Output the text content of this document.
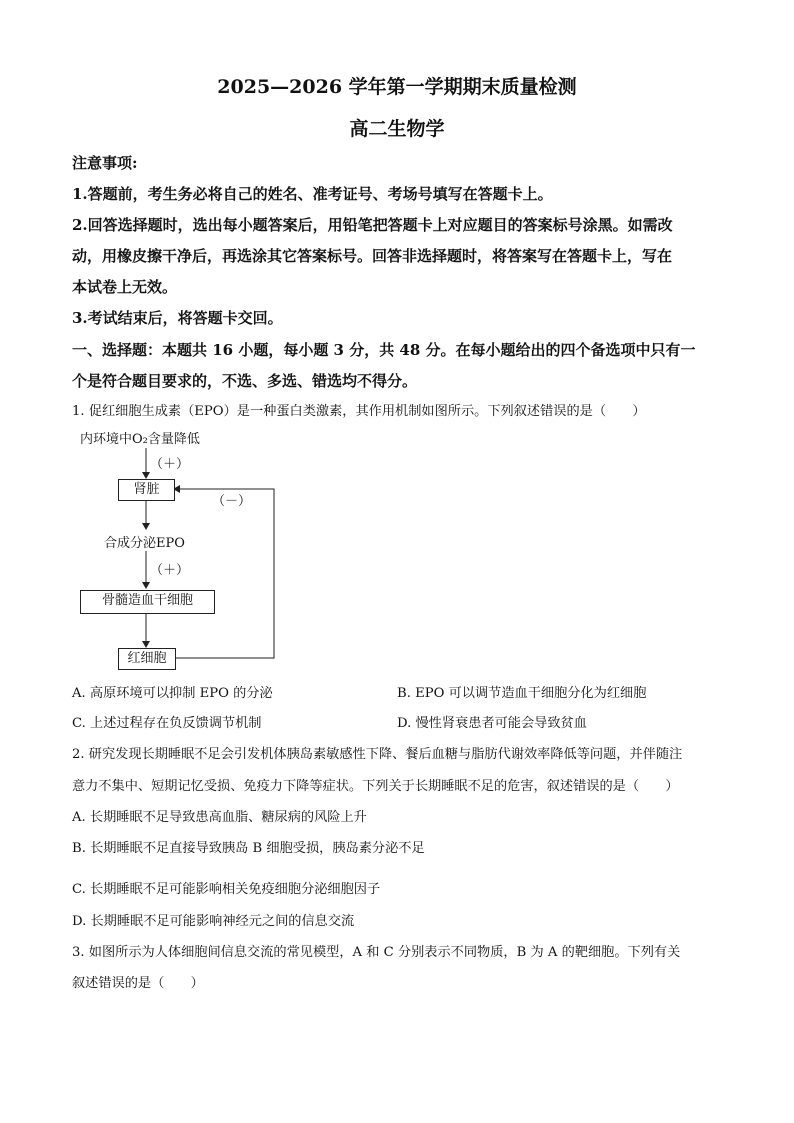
2025—2026 学年第一学期期末质量检测
高二生物学
注意事项:
1.答题前，考生务必将自己的姓名、准考证号、考场号填写在答题卡上。
2.回答选择题时，选出每小题答案后，用铅笔把答题卡上对应题目的答案标号涂黑。如需改
动，用橡皮擦干净后，再选涂其它答案标号。回答非选择题时，将答案写在答题卡上，写在
本试卷上无效。
3.考试结束后，将答题卡交回。
一、选择题：本题共 16 小题，每小题 3 分，共 48 分。在每小题给出的四个备选项中只有一
个是符合题目要求的，不选、多选、错选均不得分。
1. 促红细胞生成素（EPO）是一种蛋白类激素，其作用机制如图所示。下列叙述错误的是（　　）
内环境中O₂含量降低
（＋）
肾脏
（－）
合成分泌EPO
（＋）
骨髓造血干细胞
红细胞
A. 高原环境可以抑制 EPO 的分泌	B. EPO 可以调节造血干细胞分化为红细胞
C. 上述过程存在负反馈调节机制	D. 慢性肾衰患者可能会导致贫血
2. 研究发现长期睡眠不足会引发机体胰岛素敏感性下降、餐后血糖与脂肪代谢效率降低等问题，并伴随注
意力不集中、短期记忆受损、免疫力下降等症状。下列关于长期睡眠不足的危害，叙述错误的是（　　）
A. 长期睡眠不足导致患高血脂、糖尿病的风险上升
B. 长期睡眠不足直接导致胰岛 B 细胞受损，胰岛素分泌不足
C. 长期睡眠不足可能影响相关免疫细胞分泌细胞因子
D. 长期睡眠不足可能影响神经元之间的信息交流
3. 如图所示为人体细胞间信息交流的常见模型，A 和 C 分别表示不同物质，B 为 A 的靶细胞。下列有关
叙述错误的是（　　）
